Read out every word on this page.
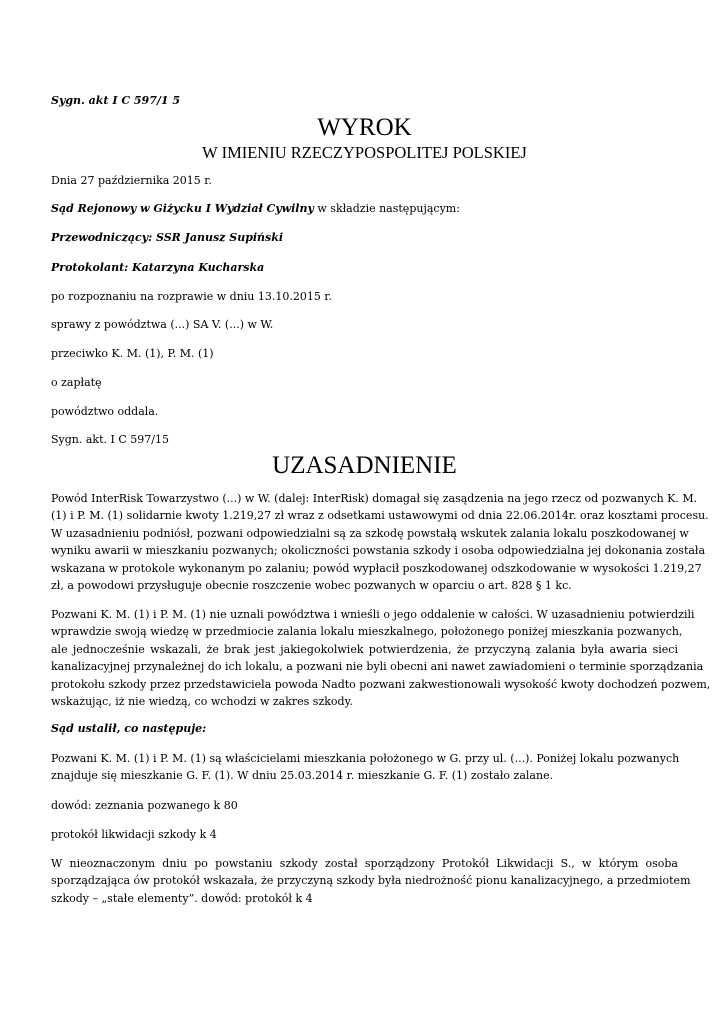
Sygn. akt I C 597/1 5
WYROK
W IMIENIU RZECZYPOSPOLITEJ POLSKIEJ
Dnia 27 października 2015 r.
Sąd Rejonowy w Giżycku I Wydział Cywilny w składzie następującym:
Przewodniczący: SSR Janusz Supiński
Protokolant: Katarzyna Kucharska
po rozpoznaniu na rozprawie w dniu 13.10.2015 r.
sprawy z powództwa (...) SA V. (...) w W.
przeciwko K. M. (1), P. M. (1)
o zapłatę
powództwo oddala.
Sygn. akt. I C 597/15
UZASADNIENIE
Powód InterRisk Towarzystwo (...) w W. (dalej: InterRisk) domagał się zasądzenia na jego rzecz od pozwanych K. M.
(1) i P. M. (1) solidarnie kwoty 1.219,27 zł wraz z odsetkami ustawowymi od dnia 22.06.2014r. oraz kosztami procesu.
W uzasadnieniu podniósł, pozwani odpowiedzialni są za szkodę powstałą wskutek zalania lokalu poszkodowanej w
wyniku awarii w mieszkaniu pozwanych; okoliczności powstania szkody i osoba odpowiedzialna jej dokonania została
wskazana w protokole wykonanym po zalaniu; powód wypłacił poszkodowanej odszkodowanie w wysokości 1.219,27
zł, a powodowi przysługuje obecnie roszczenie wobec pozwanych w oparciu o art. 828 § 1 kc.
Pozwani K. M. (1) i P. M. (1) nie uznali powództwa i wnieśli o jego oddalenie w całości. W uzasadnieniu potwierdzili
wprawdzie swoją wiedzę w przedmiocie zalania lokalu mieszkalnego, położonego poniżej mieszkania pozwanych,
ale jednocześnie wskazali, że brak jest jakiegokolwiek potwierdzenia, że przyczyną zalania była awaria sieci
kanalizacyjnej przynależnej do ich lokalu, a pozwani nie byli obecni ani nawet zawiadomieni o terminie sporządzania
protokołu szkody przez przedstawiciela powoda Nadto pozwani zakwestionowali wysokość kwoty dochodzeń pozwem,
wskazując, iż nie wiedzą, co wchodzi w zakres szkody.
Sąd ustalił, co następuje:
Pozwani K. M. (1) i P. M. (1) są właścicielami mieszkania położonego w G. przy ul. (...). Poniżej lokalu pozwanych
znajduje się mieszkanie G. F. (1). W dniu 25.03.2014 r. mieszkanie G. F. (1) zostało zalane.
dowód: zeznania pozwanego k 80
protokół likwidacji szkody k 4
W nieoznaczonym dniu po powstaniu szkody został sporządzony Protokół Likwidacji S., w którym osoba
sporządzająca ów protokół wskazała, że przyczyną szkody była niedrożność pionu kanalizacyjnego, a przedmiotem
szkody – „stałe elementy”. dowód: protokół k 4
